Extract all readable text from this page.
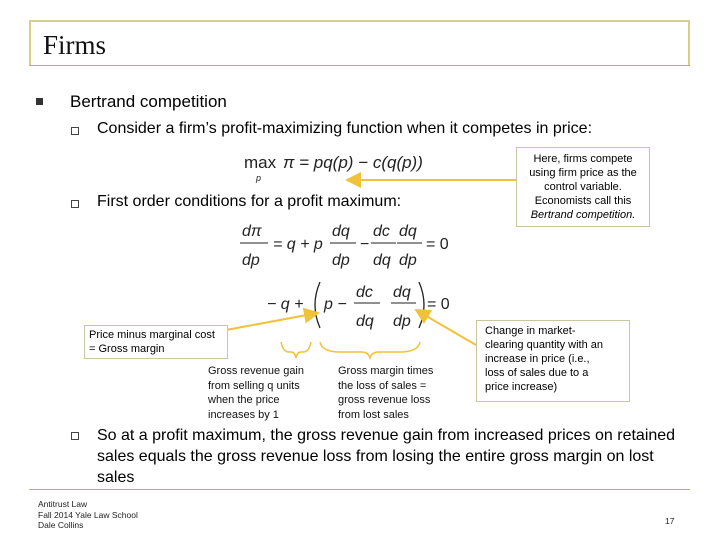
Firms
Bertrand competition
Consider a firm’s profit-maximizing function when it competes in price:
max
p
π = pq(p) − c(q(p))
First order conditions for a profit maximum:
dπ
dp
= q + p
dq
dp
−
dc
dq
dq
dp
= 0
− q + p −
dc
dq
dq
dp
= 0
Here, firms compete
using firm price as the
control variable.
Economists call this
Bertrand competition.
Price minus marginal cost
= Gross margin
Change in market-
clearing quantity with an
increase in price (i.e.,
loss of sales due to a
price increase)
Gross revenue gain
from selling q units
when the price
increases by 1
Gross margin times
the loss of sales =
gross revenue loss
from lost sales
So at a profit maximum, the gross revenue gain from increased prices on retained sales equals the gross revenue loss from losing the entire gross margin on lost sales
Antitrust Law
Fall 2014 Yale Law School
Dale Collins	17
